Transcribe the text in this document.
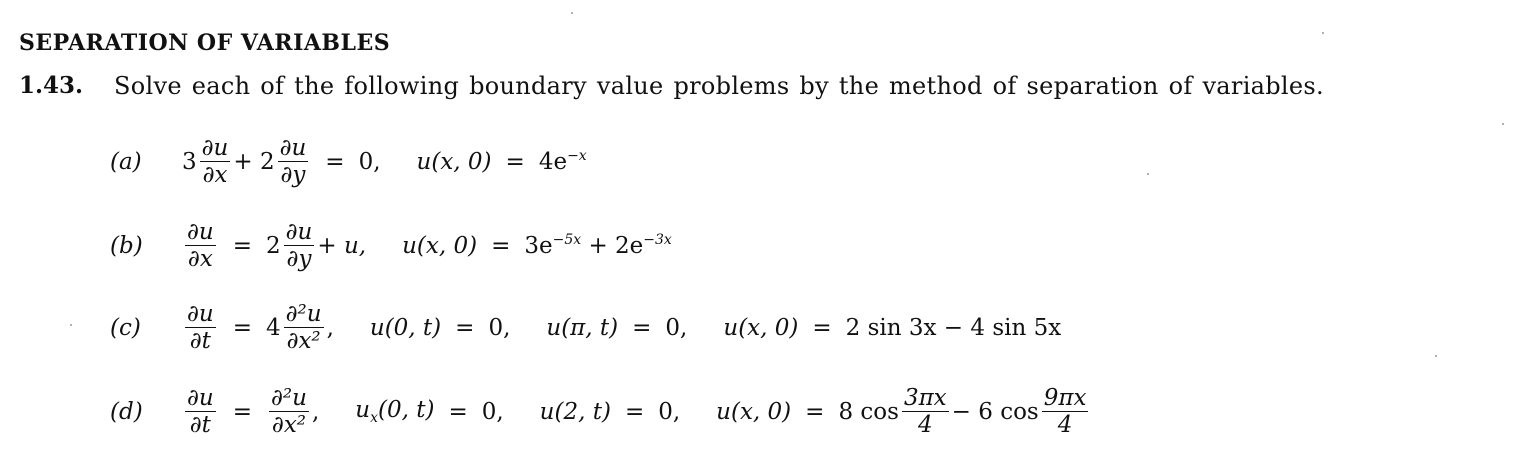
SEPARATION OF VARIABLES
1.43. Solve each of the following boundary value problems by the method of separation of variables.
(a)	$3 \frac{\partial u}{\partial x} + 2 \frac{\partial u}{\partial y} = 0$, u(x, $0) = 4e^{-x}$
(b)	$\frac{\partial u}{\partial x} = 2 \frac{\partial u}{\partial y} + u$, u(x, $0) = 3e^{-5x} + 2e^{-3x}$
(c)	$\frac{\partial u}{\partial t} = 4 \frac{\text{∂²u}}{\text{∂x²}}$ , u(0, t) = 0, u(π, t) = 0, u(x, 0) = 2 sin 3x − 4 sin 5x
(d)	$\frac{\partial u}{\partial t} = \frac{\text{∂²u}}{\text{∂x²}}$ , $u_x(0$, t) = 0, u(2, t) = 0, u(x, 0) = 8 $\cos \frac{3\pi x}{4} - 6$ $\cos \frac{9\pi x}{4}$
